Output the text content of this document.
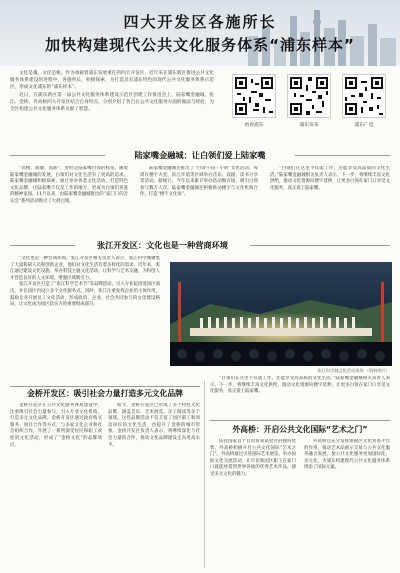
四大开发区各施所长
加快构建现代公共文化服务体系“浦东样本”

文化是魂，文化是根。作为承载着浦东发展重任的四大开发区，近年来在浦东新区推进公共文化服务体系建设的进程中，各施所长，积极探索，为打造具有浦东特色的现代公共文化服务体系示范区，形成文化浦东的“浦东样本”。

近日，在浦东新区第一届公共文化服务体系建设示范区创建工作推进会上，陆家嘴金融城、张江、金桥、外高桥四大开发区结合自身特点，分别介绍了各自在公共文化服务方面的做法与经验，为全区构建公共文化服务体系贡献了智慧。

看看浦东	浦东发布	浦东广电
陆家嘴金融城：让白领们爱上陆家嘴

“高楼、商圈、高薪”，曾经是陆家嘴白领的标签。随着陆家嘴金融城的发展，白领们对文化生活有了更高的追求。陆家嘴金融城积极探索，通过举办各类文化活动、打造特色文化品牌，让陆家嘴不仅是工作的地方，更成为白领们喜爱的精神家园。11月以来，由陆家嘴金融城推出的“家门口的音乐会”系列活动吸引了大批白领。

陆家嘴金融城还推出了“白领午间一小时”文化活动，每周在楼宇大堂、滨江步道等区域举办音乐、戏剧、读书分享等活动。据统计，今年以来累计举办活动数百场，吸引白领参与数万人次。陆家嘴金融城还积极推动楼宇与文化机构合作，打造“楼宇文化角”。

“白领们在这里不仅能工作，还能享受高品质的文化生活。”陆家嘴金融城相关负责人表示，下一步，将继续丰富文化供给，推动文化资源向楼宇延伸，让更多白领在家门口享受文化服务，真正爱上陆家嘴。

张江开发区：文化也是一种营商环境

“文化也是一种营商环境。”张江开发区相关负责人表示，张江科学城聚集了大量科研人员和创新企业，他们对文化生活有着多样化的需求。近年来，张江通过建设文化设施、举办科技主题文化活动，让科学与艺术交融，为科创人才营造良好的人文环境，增强区域吸引力。

张江开发区打造了“张江科学艺术节”等品牌活动，引入专业院团进园区演出，并在园区内设立多个文化服务点。同时，张江注重发挥企业的主体作用，鼓励企业开展员工文化活动，形成政府、企业、社会共同参与的文化建设格局，让文化成为园区软实力的重要组成部分。

张江科学城文化活动现场 （资料图片）
金桥开发区：吸引社会力量打造多元文化品牌

金桥开发区在公共文化服务体系建设中，注重吸引社会力量参与，引入专业文化机构，打造多元文化品牌。金桥开发区通过政府购买服务、项目合作等方式，与多家文化企业和社会组织合作，开展了一系列深受居民和职工欢迎的文化活动，形成了“金桥文化”的品牌效应。

如今，金桥开发区已形成了多个特色文化品牌，涵盖音乐、艺术展览、亲子阅读等多个领域。这些品牌活动不仅丰富了园区职工和周边居民的文化生活，也提升了金桥的城市形象。金桥开发区负责人表示，将继续深化与社会力量的合作，推动文化品牌建设走向更高水平。

外高桥：开启公共文化国际“艺术之门”

依托国家首个自由贸易试验区的独特优势，外高桥积极开启公共文化国际“艺术之门”。外高桥通过引进国际艺术展览、举办国际文化交流活动，让市民和园区职工在家门口就能欣赏到世界各地的优秀艺术作品，感受多元文化的魅力。

外高桥还充分发挥保税区文化贸易平台的作用，推动艺术品展示交易与公共文化服务融合发展，使公共文化服务更加国际化、多元化，为浦东构建现代公共文化服务体系增添了国际元素。

“白领们在这里不仅能工作，还能享受高品质的文化生活。”陆家嘴金融城相关负责人表示，下一步，将继续丰富文化供给，推动文化资源向楼宇延伸，让更多白领在家门口享受文化服务，真正爱上陆家嘴。
